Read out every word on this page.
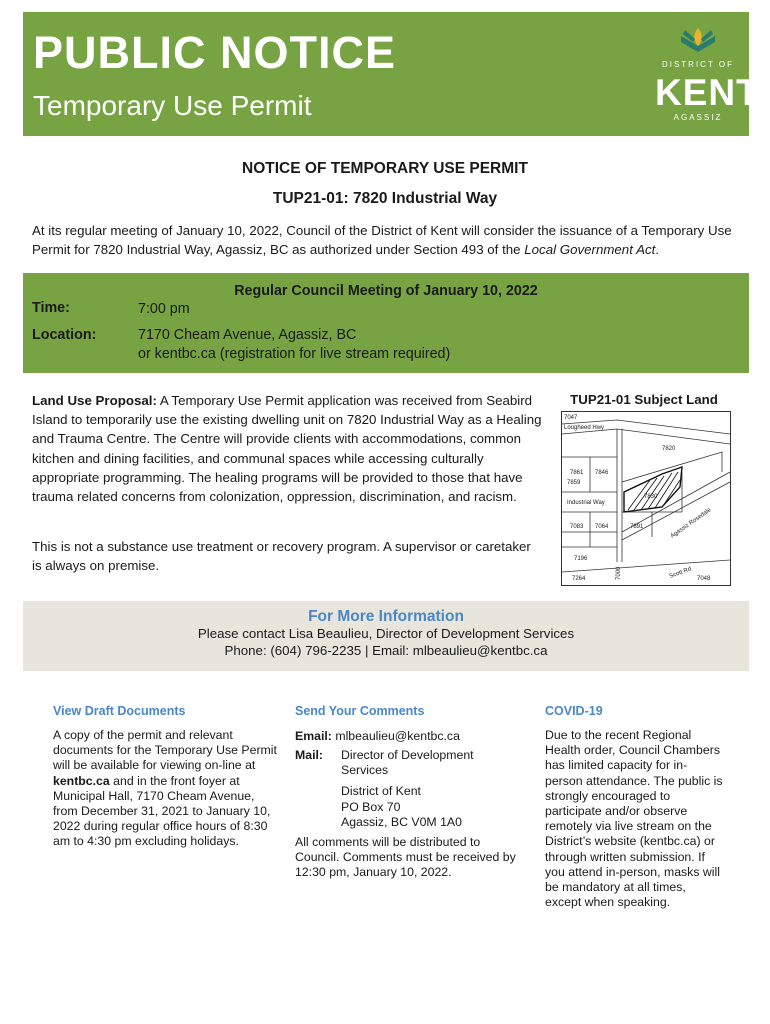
PUBLIC NOTICE
Temporary Use Permit
DISTRICT OF
KENT
AGASSIZ
NOTICE OF TEMPORARY USE PERMIT
TUP21-01: 7820 Industrial Way
At its regular meeting of January 10, 2022, Council of the District of Kent will consider the issuance of a Temporary Use Permit for 7820 Industrial Way, Agassiz, BC as authorized under Section 493 of the Local Government Act.
Regular Council Meeting of January 10, 2022
Time:	7:00 pm
Location:	7170 Cheam Avenue, Agassiz, BC
or kentbc.ca (registration for live stream required)
Land Use Proposal: A Temporary Use Permit application was received from Seabird Island to temporarily use the existing dwelling unit on 7820 Industrial Way as a Healing and Trauma Centre. The Centre will provide clients with accommodations, common kitchen and dining facilities, and communal spaces while accessing culturally appropriate programming. The healing programs will be provided to those that have trauma related concerns from colonization, oppression, discrimination, and racism.
This is not a substance use treatment or recovery program. A supervisor or caretaker is always on premise.
TUP21-01 Subject Land
7047
Lougheed Hwy
7820
7861 7846
7859
7830
Industrial Way
7083 7064	7891	Agassiz Rosedale
7196
7264	Scott Rd 7048
7000
For More Information
Please contact Lisa Beaulieu, Director of Development Services
Phone: (604) 796-2235 | Email: mlbeaulieu@kentbc.ca
View Draft Documents
A copy of the permit and relevant documents for the Temporary Use Permit will be available for viewing on-line at kentbc.ca and in the front foyer at Municipal Hall, 7170 Cheam Avenue, from December 31, 2021 to January 10, 2022 during regular office hours of 8:30 am to 4:30 pm excluding holidays.
Send Your Comments
Email: mlbeaulieu@kentbc.ca
Mail: Director of Development
Services
District of Kent
PO Box 70
Agassiz, BC V0M 1A0
All comments will be distributed to Council. Comments must be received by 12:30 pm, January 10, 2022.
COVID-19
Due to the recent Regional Health order, Council Chambers has limited capacity for in-person attendance. The public is strongly encouraged to participate and/or observe remotely via live stream on the District’s website (kentbc.ca) or through written submission. If you attend in-person, masks will be mandatory at all times, except when speaking.
